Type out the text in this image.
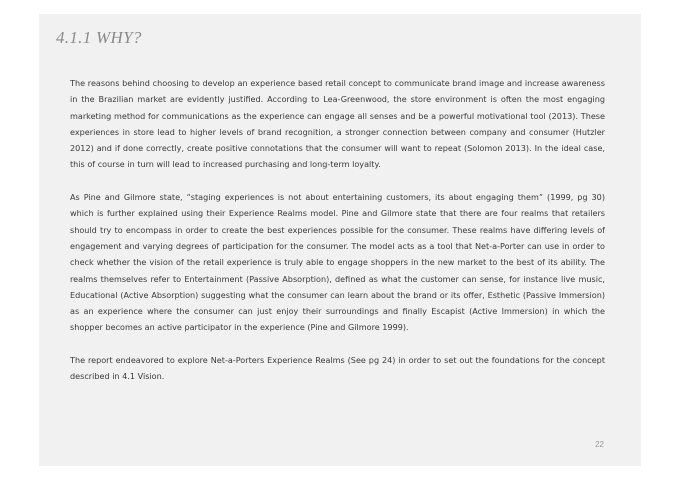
4.1.1 WHY?

The reasons behind choosing to develop an experience based retail concept to communicate brand image and increase awareness in the Brazilian market are evidently justified. According to Lea-Greenwood, the store environment is often the most engaging marketing method for communications as the experience can engage all senses and be a powerful motivational tool (2013). These experiences in store lead to higher levels of brand recognition, a stronger connection between company and consumer (Hutzler 2012) and if done correctly, create positive connotations that the consumer will want to repeat (Solomon 2013). In the ideal case, this of course in turn will lead to increased purchasing and long-term loyalty.

As Pine and Gilmore state, “staging experiences is not about entertaining customers, its about engaging them” (1999, pg 30) which is further explained using their Experience Realms model. Pine and Gilmore state that there are four realms that retailers should try to encompass in order to create the best experiences possible for the consumer. These realms have differing levels of engagement and varying degrees of participation for the consumer. The model acts as a tool that Net-a-Porter can use in order to check whether the vision of the retail experience is truly able to engage shoppers in the new market to the best of its ability. The realms themselves refer to Entertainment (Passive Absorption), defined as what the customer can sense, for instance live music, Educational (Active Absorption) suggesting what the consumer can learn about the brand or its offer, Esthetic (Passive Immersion) as an experience where the consumer can just enjoy their surroundings and finally Escapist (Active Immersion) in which the shopper becomes an active participator in the experience (Pine and Gilmore 1999).

The report endeavored to explore Net-a-Porters Experience Realms (See pg 24) in order to set out the foundations for the concept described in 4.1 Vision.

22
